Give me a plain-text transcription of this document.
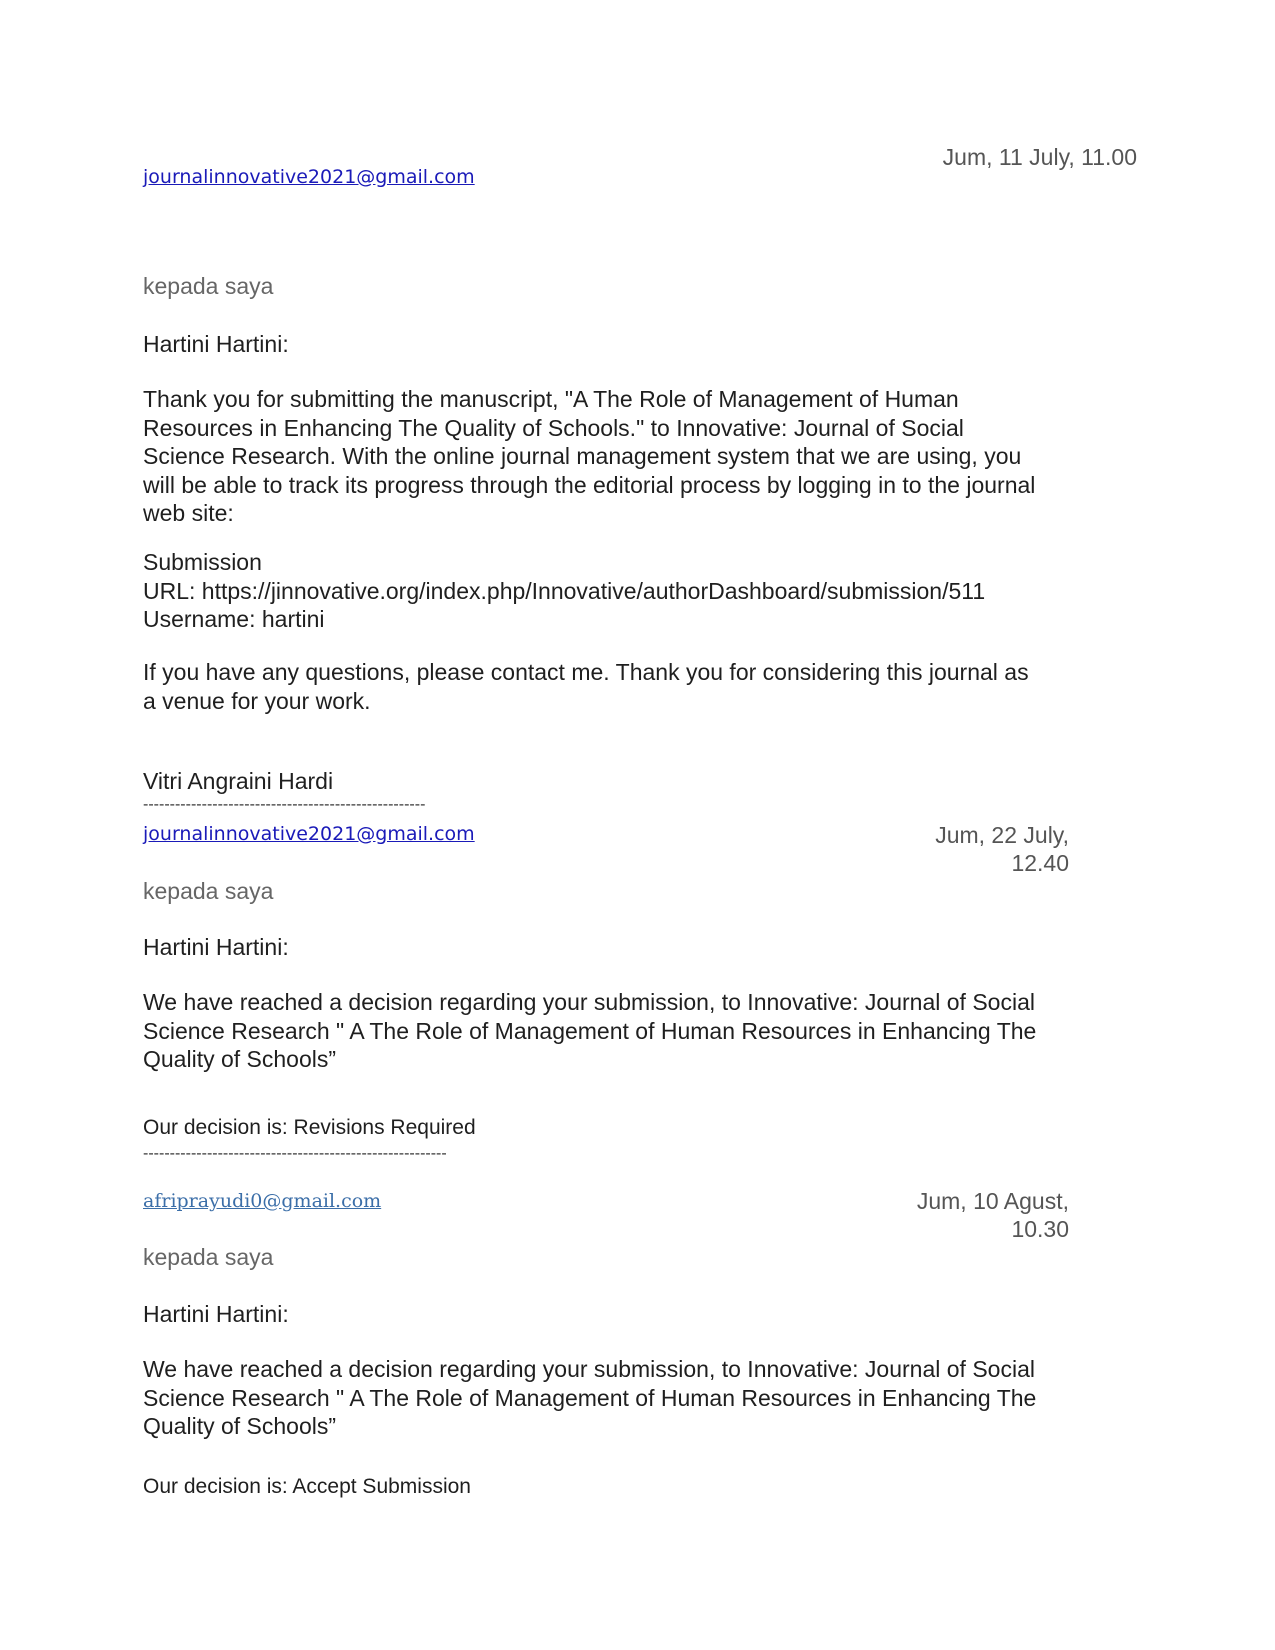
Jum, 11 July, 11.00
journalinnovative2021@gmail.com

kepada saya

Hartini Hartini:

Thank you for submitting the manuscript, "A The Role of Management of Human
Resources in Enhancing The Quality of Schools." to Innovative: Journal of Social
Science Research. With the online journal management system that we are using, you
will be able to track its progress through the editorial process by logging in to the journal
web site:
Submission
URL: https://jinnovative.org/index.php/Innovative/authorDashboard/submission/511
Username: hartini
If you have any questions, please contact me. Thank you for considering this journal as
a venue for your work.

Vitri Angraini Hardi

-----------------------------------------------------

journalinnovative2021@gmail.com	Jum, 22 July,
12.40

kepada saya

Hartini Hartini:

We have reached a decision regarding your submission, to Innovative: Journal of Social
Science Research " A The Role of Management of Human Resources in Enhancing The
Quality of Schools”

Our decision is: Revisions Required

---------------------------------------------------------

afriprayudi0@gmail.com	Jum, 10 Agust,
10.30

kepada saya

Hartini Hartini:

We have reached a decision regarding your submission, to Innovative: Journal of Social
Science Research " A The Role of Management of Human Resources in Enhancing The
Quality of Schools”

Our decision is: Accept Submission
